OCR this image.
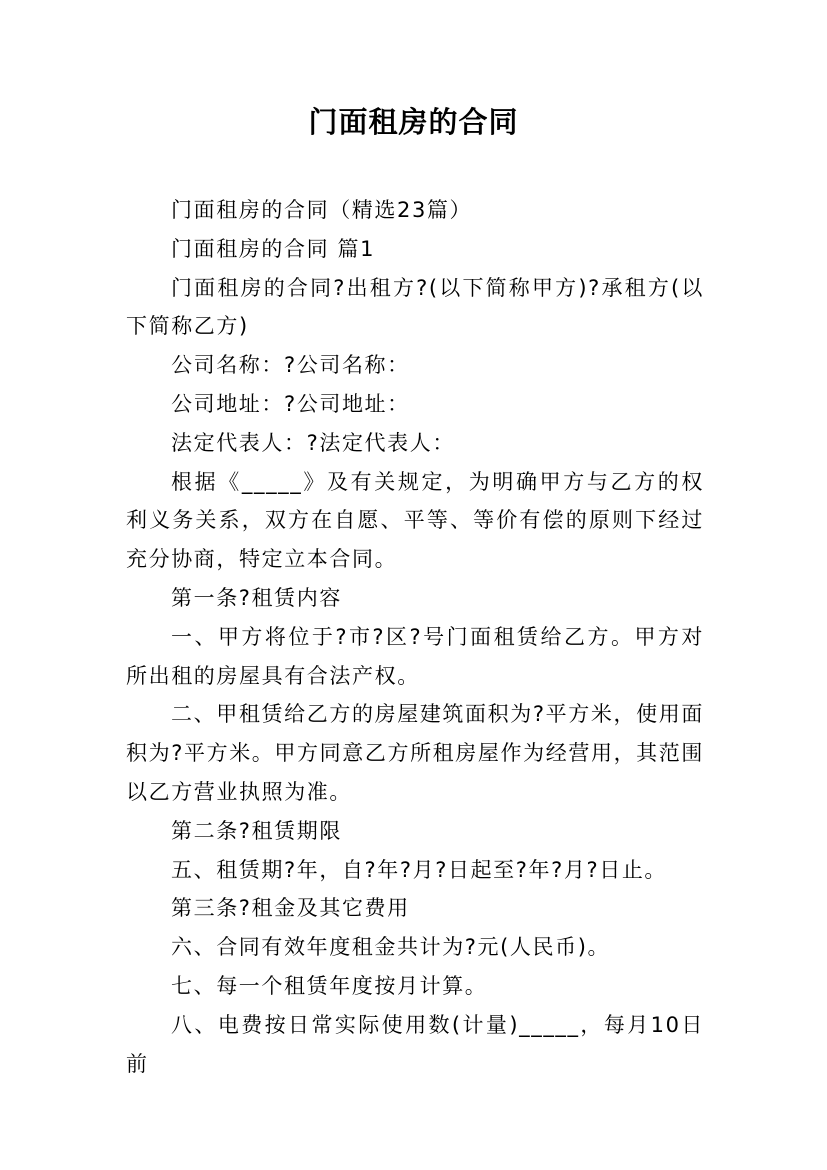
门面租房的合同

门面租房的合同（精选23篇）

门面租房的合同 篇1

门面租房的合同?出租方?(以下简称甲方)?承租方(以下简称乙方)

公司名称：?公司名称：

公司地址：?公司地址：

法定代表人：?法定代表人：

根据《_____》及有关规定，为明确甲方与乙方的权利义务关系，双方在自愿、平等、等价有偿的原则下经过充分协商，特定立本合同。

第一条?租赁内容

一、甲方将位于?市?区?号门面租赁给乙方。甲方对所出租的房屋具有合法产权。

二、甲租赁给乙方的房屋建筑面积为?平方米，使用面积为?平方米。甲方同意乙方所租房屋作为经营用，其范围以乙方营业执照为准。

第二条?租赁期限

五、租赁期?年，自?年?月?日起至?年?月?日止。

第三条?租金及其它费用

六、合同有效年度租金共计为?元(人民币)。

七、每一个租赁年度按月计算。

八、电费按日常实际使用数(计量)_____，每月10日前
